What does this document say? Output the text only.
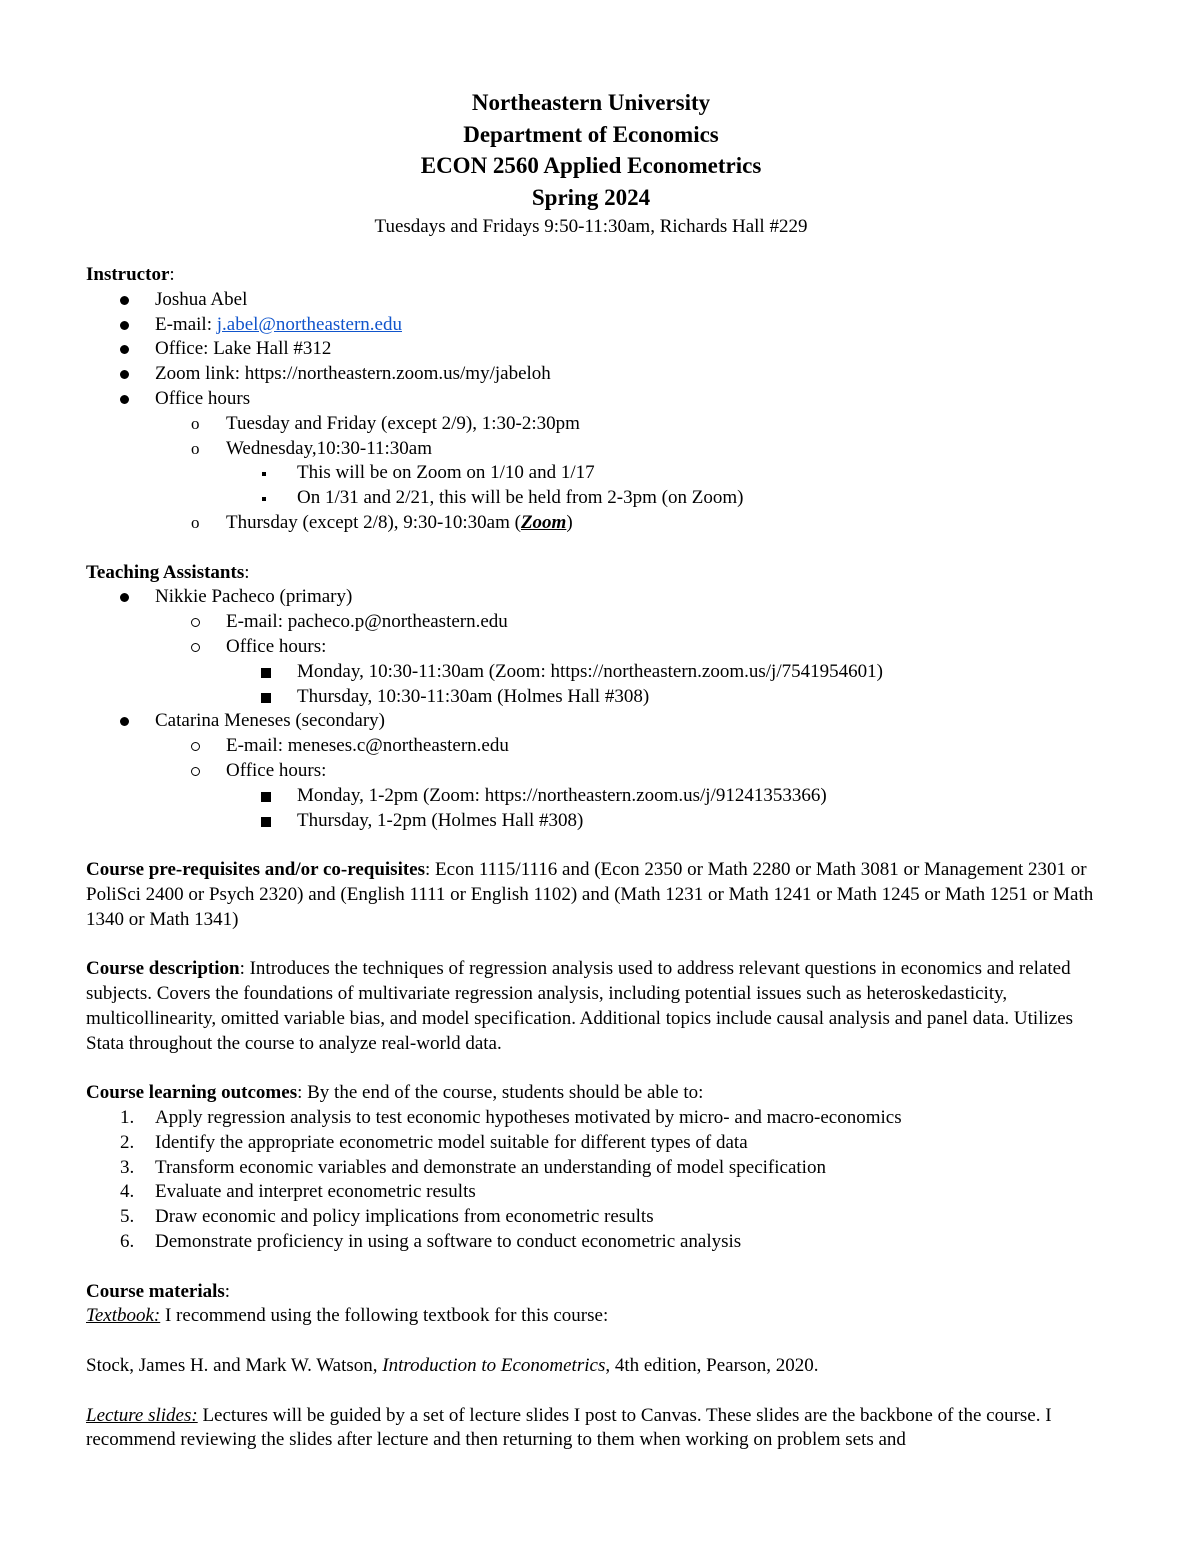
Northeastern University
Department of Economics
ECON 2560 Applied Econometrics
Spring 2024
Tuesdays and Fridays 9:50-11:30am, Richards Hall #229
Instructor:
Joshua Abel
E-mail: j.abel@northeastern.edu
Office: Lake Hall #312
Zoom link: https://northeastern.zoom.us/my/jabeloh
Office hours
o Tuesday and Friday (except 2/9), 1:30-2:30pm
o Wednesday,10:30-11:30am
This will be on Zoom on 1/10 and 1/17
On 1/31 and 2/21, this will be held from 2-3pm (on Zoom)
o Thursday (except 2/8), 9:30-10:30am (Zoom)
Teaching Assistants:
Nikkie Pacheco (primary)
E-mail: pacheco.p@northeastern.edu
Office hours:
Monday, 10:30-11:30am (Zoom: https://northeastern.zoom.us/j/7541954601)
Thursday, 10:30-11:30am (Holmes Hall #308)
Catarina Meneses (secondary)
E-mail: meneses.c@northeastern.edu
Office hours:
Monday, 1-2pm (Zoom: https://northeastern.zoom.us/j/91241353366)
Thursday, 1-2pm (Holmes Hall #308)

Course pre-requisites and/or co-requisites: Econ 1115/1116 and (Econ 2350 or Math 2280 or Math 3081 or Management 2301 or PoliSci 2400 or Psych 2320) and (English 1111 or English 1102) and (Math 1231 or Math 1241 or Math 1245 or Math 1251 or Math 1340 or Math 1341)

Course description: Introduces the techniques of regression analysis used to address relevant questions in economics and related subjects. Covers the foundations of multivariate regression analysis, including potential issues such as heteroskedasticity, multicollinearity, omitted variable bias, and model specification. Additional topics include causal analysis and panel data. Utilizes Stata throughout the course to analyze real-world data.

Course learning outcomes: By the end of the course, students should be able to:

1. Apply regression analysis to test economic hypotheses motivated by micro- and macro-economics
2. Identify the appropriate econometric model suitable for different types of data
3. Transform economic variables and demonstrate an understanding of model specification
4. Evaluate and interpret econometric results
5. Draw economic and policy implications from econometric results
6. Demonstrate proficiency in using a software to conduct econometric analysis

Course materials:

Textbook: I recommend using the following textbook for this course:

Stock, James H. and Mark W. Watson, Introduction to Econometrics, 4th edition, Pearson, 2020.

Lecture slides: Lectures will be guided by a set of lecture slides I post to Canvas. These slides are the backbone of the course. I recommend reviewing the slides after lecture and then returning to them when working on problem sets and
